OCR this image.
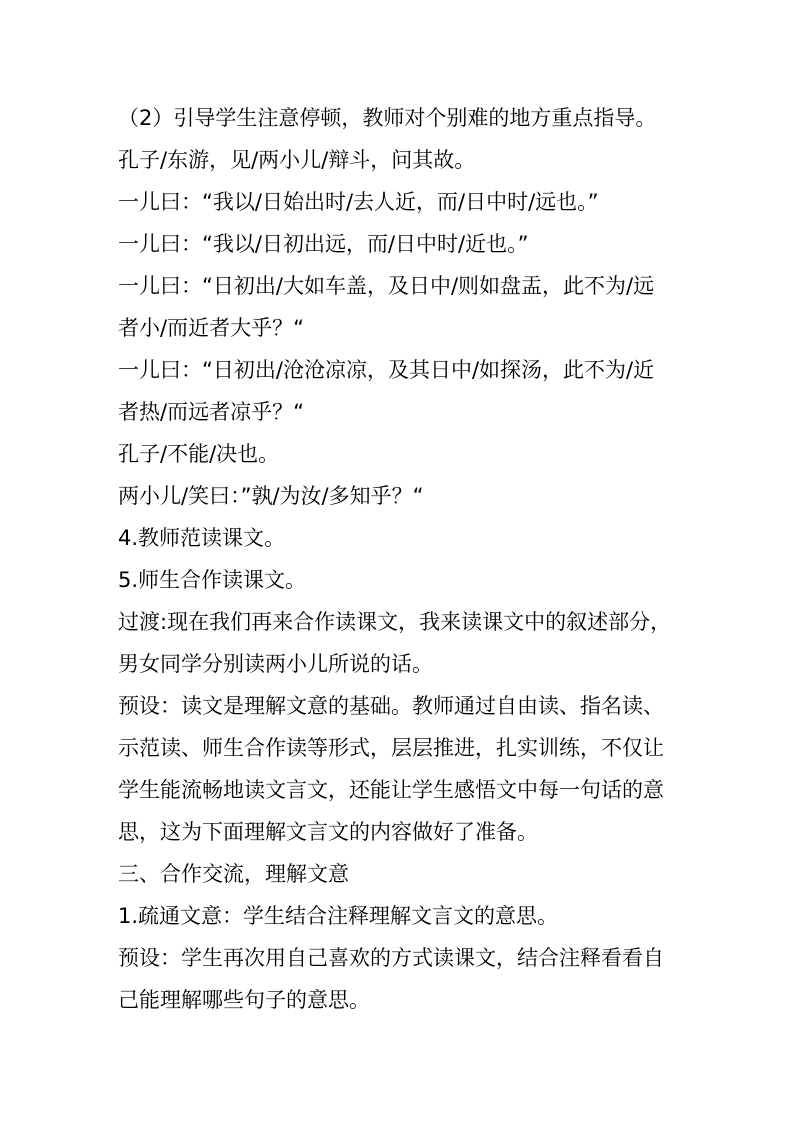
（2）引导学生注意停顿，教师对个别难的地方重点指导。
孔子/东游，见/两小儿/辩斗，问其故。
一儿曰：“我以/日始出时/去人近，而/日中时/远也。”
一儿曰：“我以/日初出远，而/日中时/近也。”
一儿曰：“日初出/大如车盖，及日中/则如盘盂，此不为/远
者小/而近者大乎？“
一儿曰：“日初出/沧沧凉凉，及其日中/如探汤，此不为/近
者热/而远者凉乎？“
孔子/不能/决也。
两小儿/笑曰：”孰/为汝/多知乎？“
4.教师范读课文。
5.师生合作读课文。
过渡:现在我们再来合作读课文，我来读课文中的叙述部分，
男女同学分别读两小儿所说的话。
预设：读文是理解文意的基础。教师通过自由读、指名读、
示范读、师生合作读等形式，层层推进，扎实训练，不仅让
学生能流畅地读文言文，还能让学生感悟文中每一句话的意
思，这为下面理解文言文的内容做好了准备。
三、合作交流，理解文意
1.疏通文意：学生结合注释理解文言文的意思。
预设：学生再次用自己喜欢的方式读课文，结合注释看看自
己能理解哪些句子的意思。
